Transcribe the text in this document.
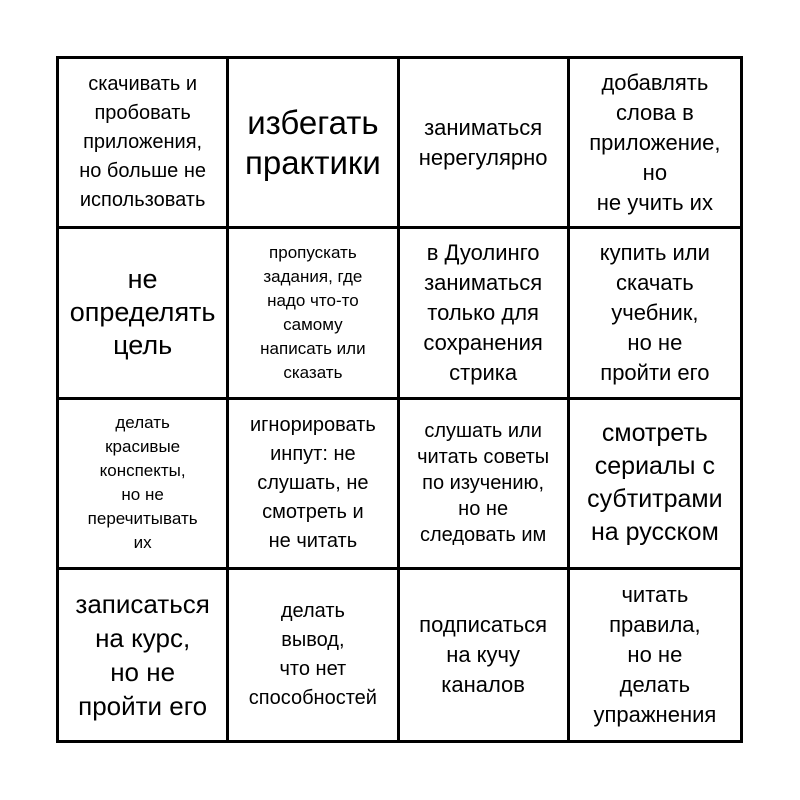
скачивать и
пробовать
приложения,
но больше не
использовать
избегать
практики
заниматься
нерегулярно
добавлять
слова в
приложение,
но
не учить их
не
определять
цель
пропускать
задания, где
надо что-то
самому
написать или
сказать
в Дуолинго
заниматься
только для
сохранения
стрика
купить или
скачать
учебник,
но не
пройти его
делать
красивые
конспекты,
но не
перечитывать
их
игнорировать
инпут: не
слушать, не
смотреть и
не читать
слушать или
читать советы
по изучению,
но не
следовать им
смотреть
сериалы с
субтитрами
на русском
записаться
на курс,
но не
пройти его
делать
вывод,
что нет
способностей
подписаться
на кучу
каналов
читать
правила,
но не
делать
упражнения
